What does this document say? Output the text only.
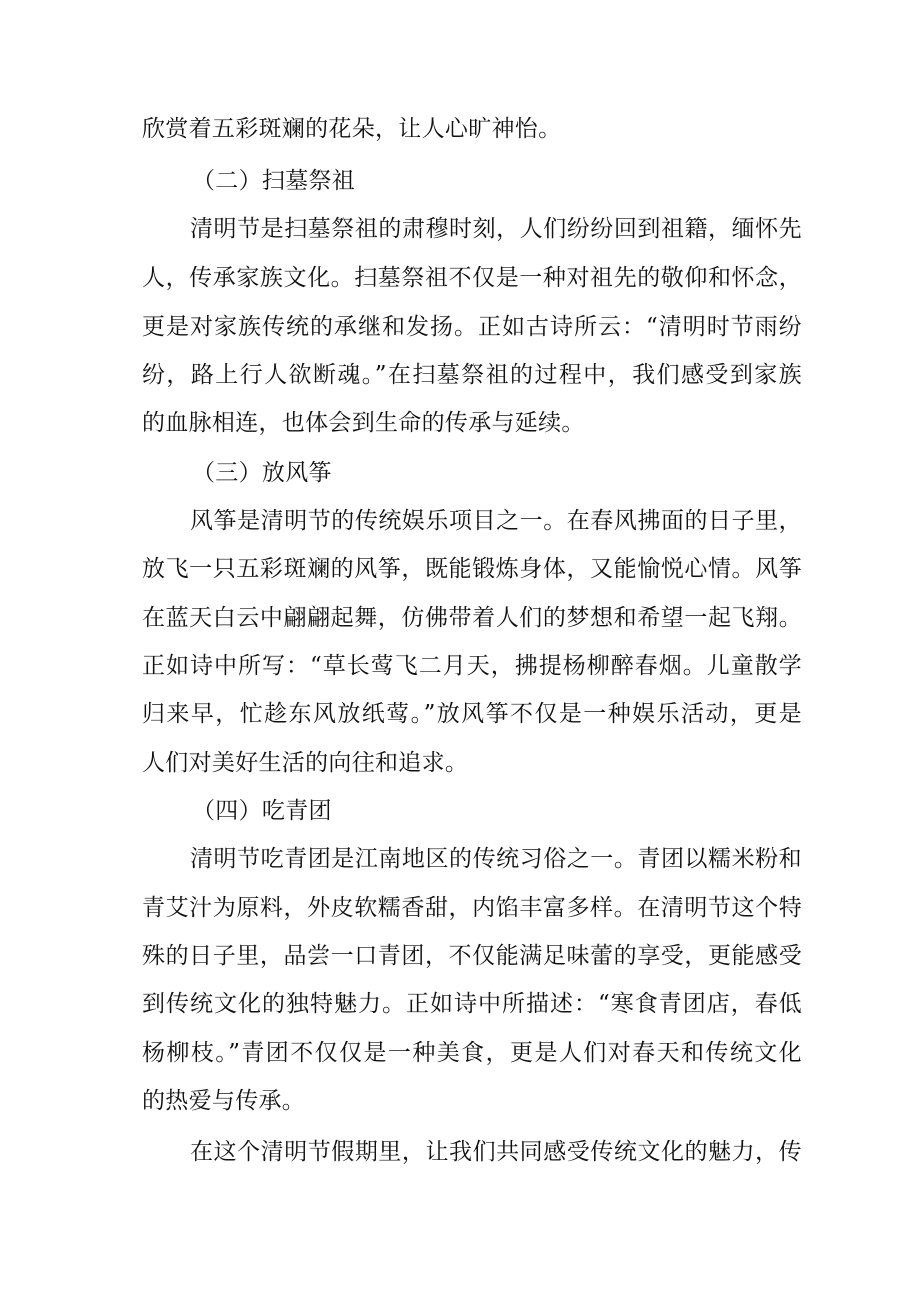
欣赏着五彩斑斓的花朵，让人心旷神怡。
（二）扫墓祭祖
清明节是扫墓祭祖的肃穆时刻，人们纷纷回到祖籍，缅怀先
人，传承家族文化。扫墓祭祖不仅是一种对祖先的敬仰和怀念，
更是对家族传统的承继和发扬。正如古诗所云：“清明时节雨纷
纷，路上行人欲断魂。”在扫墓祭祖的过程中，我们感受到家族
的血脉相连，也体会到生命的传承与延续。
（三）放风筝
风筝是清明节的传统娱乐项目之一。在春风拂面的日子里，
放飞一只五彩斑斓的风筝，既能锻炼身体，又能愉悦心情。风筝
在蓝天白云中翩翩起舞，仿佛带着人们的梦想和希望一起飞翔。
正如诗中所写：“草长莺飞二月天，拂提杨柳醉春烟。儿童散学
归来早，忙趁东风放纸莺。”放风筝不仅是一种娱乐活动，更是
人们对美好生活的向往和追求。
（四）吃青团
清明节吃青团是江南地区的传统习俗之一。青团以糯米粉和
青艾汁为原料，外皮软糯香甜，内馅丰富多样。在清明节这个特
殊的日子里，品尝一口青团，不仅能满足味蕾的享受，更能感受
到传统文化的独特魅力。正如诗中所描述：“寒食青团店，春低
杨柳枝。”青团不仅仅是一种美食，更是人们对春天和传统文化
的热爱与传承。
在这个清明节假期里，让我们共同感受传统文化的魅力，传
